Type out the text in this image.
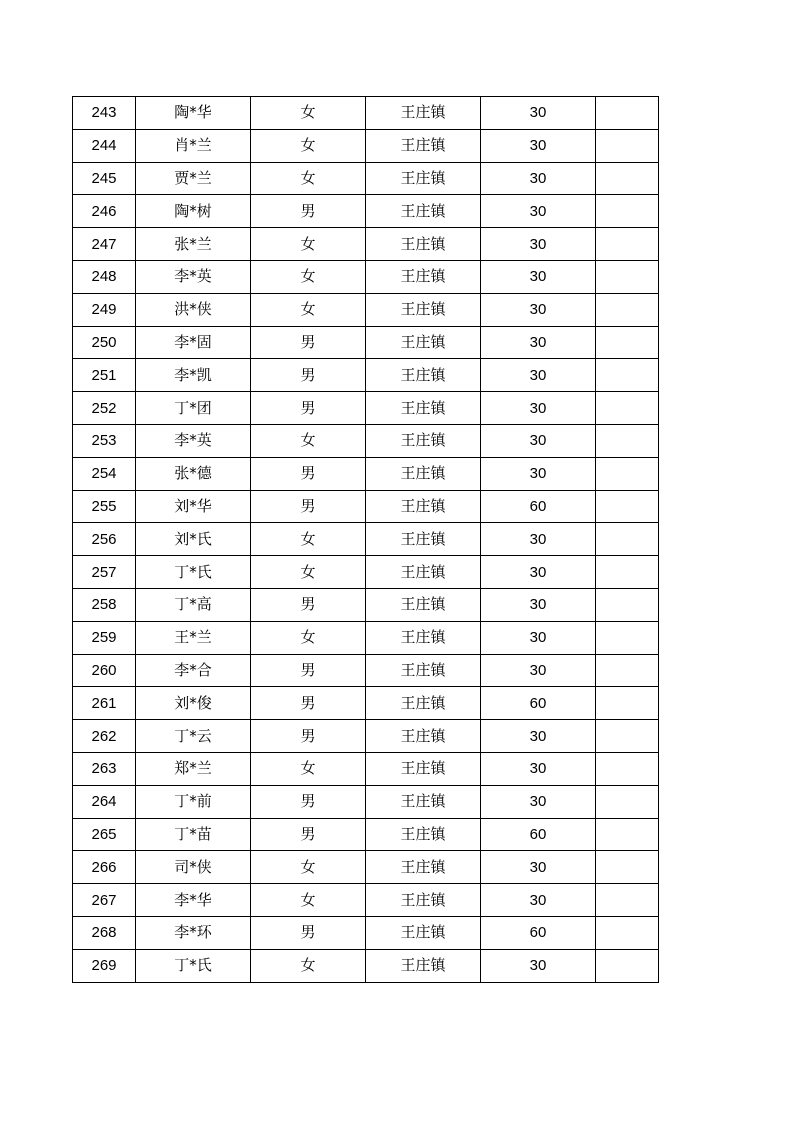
243	陶*华	女	王庄镇	30	
244	肖*兰	女	王庄镇	30	
245	贾*兰	女	王庄镇	30	
246	陶*树	男	王庄镇	30	
247	张*兰	女	王庄镇	30	
248	李*英	女	王庄镇	30	
249	洪*侠	女	王庄镇	30	
250	李*固	男	王庄镇	30	
251	李*凯	男	王庄镇	30	
252	丁*团	男	王庄镇	30	
253	李*英	女	王庄镇	30	
254	张*德	男	王庄镇	30	
255	刘*华	男	王庄镇	60	
256	刘*氏	女	王庄镇	30	
257	丁*氏	女	王庄镇	30	
258	丁*高	男	王庄镇	30	
259	王*兰	女	王庄镇	30	
260	李*合	男	王庄镇	30	
261	刘*俊	男	王庄镇	60	
262	丁*云	男	王庄镇	30	
263	郑*兰	女	王庄镇	30	
264	丁*前	男	王庄镇	30	
265	丁*苗	男	王庄镇	60	
266	司*侠	女	王庄镇	30	
267	李*华	女	王庄镇	30	
268	李*环	男	王庄镇	60	
269	丁*氏	女	王庄镇	30	
